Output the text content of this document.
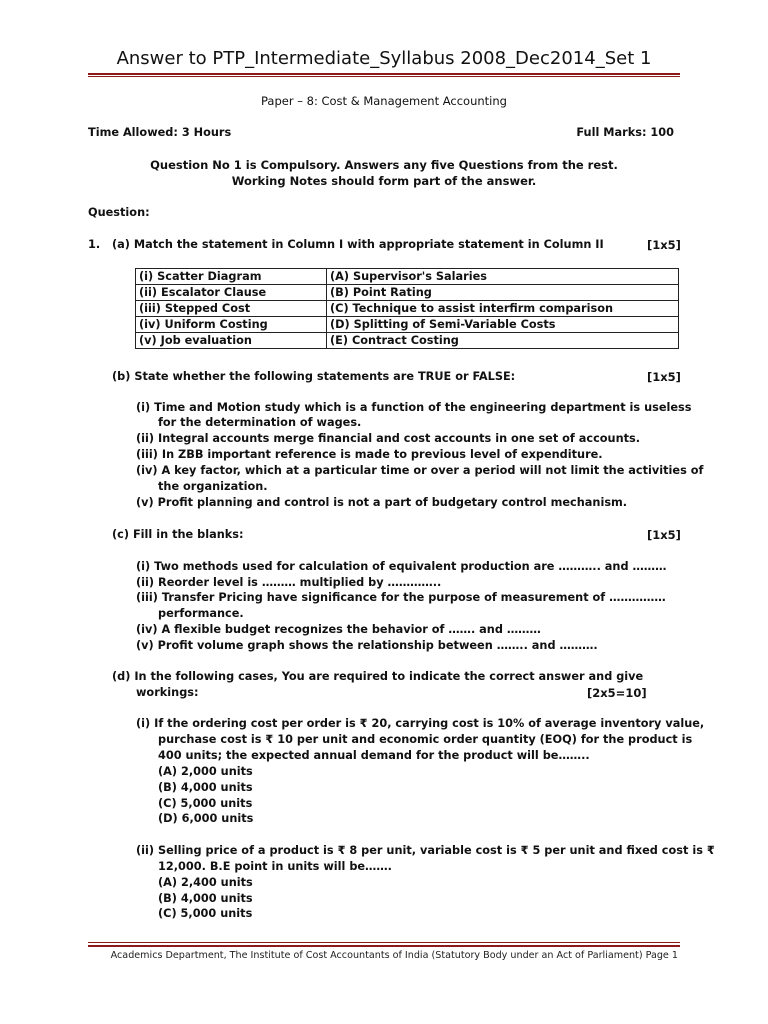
Answer to PTP_Intermediate_Syllabus 2008_Dec2014_Set 1
Paper – 8: Cost & Management Accounting
Time Allowed: 3 Hours	Full Marks: 100
Question No 1 is Compulsory. Answers any five Questions from the rest.
Working Notes should form part of the answer.
Question:
1. (a) Match the statement in Column I with appropriate statement in Column II	[1x5]
(i) Scatter Diagram	(A) Supervisor's Salaries
(ii) Escalator Clause	(B) Point Rating
(iii) Stepped Cost	(C) Technique to assist interfirm comparison
(iv) Uniform Costing	(D) Splitting of Semi-Variable Costs
(v) Job evaluation	(E) Contract Costing
(b) State whether the following statements are TRUE or FALSE:	[1x5]
(i) Time and Motion study which is a function of the engineering department is useless
for the determination of wages.
(ii) Integral accounts merge financial and cost accounts in one set of accounts.
(iii) In ZBB important reference is made to previous level of expenditure.
(iv) A key factor, which at a particular time or over a period will not limit the activities of
the organization.
(v) Profit planning and control is not a part of budgetary control mechanism.
(c) Fill in the blanks:	[1x5]
(i) Two methods used for calculation of equivalent production are ……….. and ………
(ii) Reorder level is ……… multiplied by …………..
(iii) Transfer Pricing have significance for the purpose of measurement of ……………
performance.
(iv) A flexible budget recognizes the behavior of ……. and ………
(v) Profit volume graph shows the relationship between …….. and ……….
(d) In the following cases, You are required to indicate the correct answer and give
workings:	[2x5=10]
(i) If the ordering cost per order is ₹ 20, carrying cost is 10% of average inventory value,
purchase cost is ₹ 10 per unit and economic order quantity (EOQ) for the product is
400 units; the expected annual demand for the product will be……..
(A) 2,000 units
(B) 4,000 units
(C) 5,000 units
(D) 6,000 units
(ii) Selling price of a product is ₹ 8 per unit, variable cost is ₹ 5 per unit and fixed cost is ₹
12,000. B.E point in units will be…….
(A) 2,400 units
(B) 4,000 units
(C) 5,000 units
Academics Department, The Institute of Cost Accountants of India (Statutory Body under an Act of Parliament) Page 1
